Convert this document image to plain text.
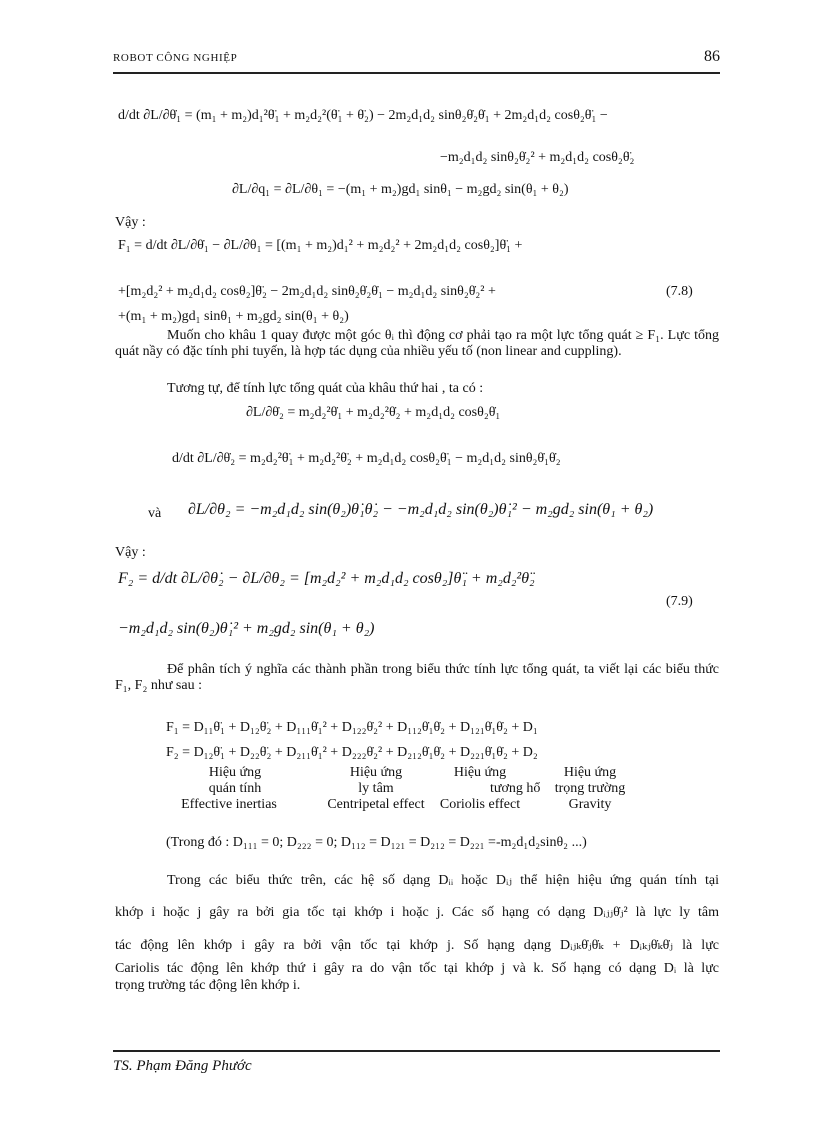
ROBOT CÔNG NGHIỆP	86
d/dt ∂L/∂θ̇₁ = (m₁ + m₂)d₁²θ̈₁ + m₂d₂²(θ̈₁ + θ̈₂) − 2m₂d₁d₂ sinθ₂θ̇₂θ̇₁ + 2m₂d₁d₂ cosθ₂θ̈₁ −
−m₂d₁d₂ sinθ₂θ̇₂² + m₂d₁d₂ cosθ₂θ̈₂
∂L/∂q₁ = ∂L/∂θ₁ = −(m₁ + m₂)gd₁ sinθ₁ − m₂gd₂ sin(θ₁ + θ₂)
Vậy :
F₁ = d/dt ∂L/∂θ̇₁ − ∂L/∂θ₁ = [(m₁ + m₂)d₁² + m₂d₂² + 2m₂d₁d₂ cosθ₂]θ̈₁ +
+[m₂d₂² + m₂d₁d₂ cosθ₂]θ̈₂ − 2m₂d₁d₂ sinθ₂θ̇₂θ̇₁ − m₂d₁d₂ sinθ₂θ̇₂² +
+(m₁ + m₂)gd₁ sinθ₁ + m₂gd₂ sin(θ₁ + θ₂)
(7.8)
Muốn cho khâu 1 quay được một góc θᵢ thì động cơ phải tạo ra một lực tổng quát ≥ F₁. Lực tổng quát nầy có đặc tính phi tuyến, là hợp tác dụng của nhiều yếu tố (non linear and cuppling).
Tương tự, để tính lực tổng quát của khâu thứ hai , ta có :
∂L/∂θ̇₂ = m₂d₂²θ̇₁ + m₂d₂²θ̇₂ + m₂d₁d₂ cosθ₂θ̇₁
d/dt ∂L/∂θ̇₂ = m₂d₂²θ̈₁ + m₂d₂²θ̈₂ + m₂d₁d₂ cosθ₂θ̈₁ − m₂d₁d₂ sinθ₂θ̇₁θ̇₂
và ∂L/∂θ₂ = −m₂d₁d₂ sin(θ₂)θ̇₁θ̇₂ − −m₂d₁d₂ sin(θ₂)θ̇₁² − m₂gd₂ sin(θ₁ + θ₂)
Vậy :
F₂ = d/dt ∂L/∂θ̇₂ − ∂L/∂θ₂ = [m₂d₂² + m₂d₁d₂ cosθ₂]θ̈₁ + m₂d₂²θ̈₂
−m₂d₁d₂ sin(θ₂)θ̇₁² + m₂gd₂ sin(θ₁ + θ₂)
(7.9)
Để phân tích ý nghĩa các thành phần trong biểu thức tính lực tổng quát, ta viết lại các biểu thức F₁, F₂ như sau :
F₁ = D₁₁θ̈₁ + D₁₂θ̈₂ + D₁₁₁θ̇₁² + D₁₂₂θ̇₂² + D₁₁₂θ̇₁θ̇₂ + D₁₂₁θ̇₁θ̇₂ + D₁
F₂ = D₁₂θ̈₁ + D₂₂θ̈₂ + D₂₁₁θ̇₁² + D₂₂₂θ̇₂² + D₂₁₂θ̇₁θ̇₂ + D₂₂₁θ̇₁θ̇₂ + D₂
Hiệu ứng
quán tính
Effective inertias
Hiệu ứng
ly tâm
Centripetal effect
Hiệu ứng
tương hổ
Coriolis effect
Hiệu ứng
trọng trường
Gravity
(Trong đó : D₁₁₁ = 0; D₂₂₂ = 0; D₁₁₂ = D₁₂₁ = D₂₁₂ = D₂₂₁ =-m₂d₁d₂sinθ₂ ...)
Trong các biểu thức trên, các hệ số dạng Dᵢᵢ hoặc Dᵢⱼ thể hiện hiệu ứng quán tính tại
khớp i hoặc j gây ra bởi gia tốc tại khớp i hoặc j. Các số hạng có dạng Dᵢⱼⱼθ̇ⱼ² là lực ly tâm
tác động lên khớp i gây ra bởi vận tốc tại khớp j. Số hạng dạng Dᵢⱼₖθ̇ⱼθ̇ₖ + Dᵢₖⱼθ̇ₖθ̇ⱼ là lực
Cariolis tác động lên khớp thứ i gây ra do vận tốc tại khớp j và k. Số hạng có dạng Dᵢ là lực
trọng trường tác động lên khớp i.
TS. Phạm Đăng Phước
